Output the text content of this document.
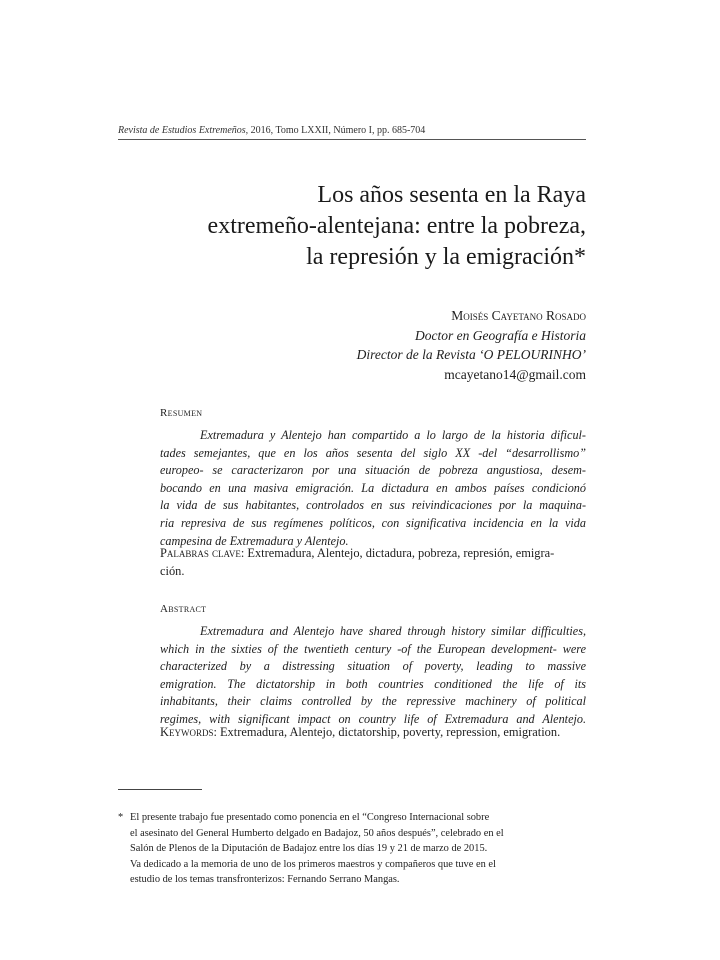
Revista de Estudios Extremeños, 2016, Tomo LXXII, Número I, pp. 685-704
Los años sesenta en la Raya
extremeño-alentejana: entre la pobreza,
la represión y la emigración*
Moisés Cayetano Rosado
Doctor en Geografía e Historia
Director de la Revista ‘O PELOURINHO’
mcayetano14@gmail.com
Resumen
Extremadura y Alentejo han compartido a lo largo de la historia dificul-
tades semejantes, que en los años sesenta del siglo XX -del “desarrollismo”
europeo- se caracterizaron por una situación de pobreza angustiosa, desem-
bocando en una masiva emigración. La dictadura en ambos países condicionó
la vida de sus habitantes, controlados en sus reivindicaciones por la maquina-
ria represiva de sus regímenes políticos, con significativa incidencia en la vida
campesina de Extremadura y Alentejo.
Palabras clave: Extremadura, Alentejo, dictadura, pobreza, represión, emigra-
ción.
Abstract
Extremadura and Alentejo have shared through history similar difficulties,
which in the sixties of the twentieth century -of the European development- were
characterized by a distressing situation of poverty, leading to massive
emigration. The dictatorship in both countries conditioned the life of its
inhabitants, their claims controlled by the repressive machinery of political
regimes, with significant impact on country life of Extremadura and Alentejo.
Keywords: Extremadura, Alentejo, dictatorship, poverty, repression, emigration.
* El presente trabajo fue presentado como ponencia en el “Congreso Internacional sobre
el asesinato del General Humberto delgado en Badajoz, 50 años después”, celebrado en el
Salón de Plenos de la Diputación de Badajoz entre los días 19 y 21 de marzo de 2015.
Va dedicado a la memoria de uno de los primeros maestros y compañeros que tuve en el
estudio de los temas transfronterizos: Fernando Serrano Mangas.
